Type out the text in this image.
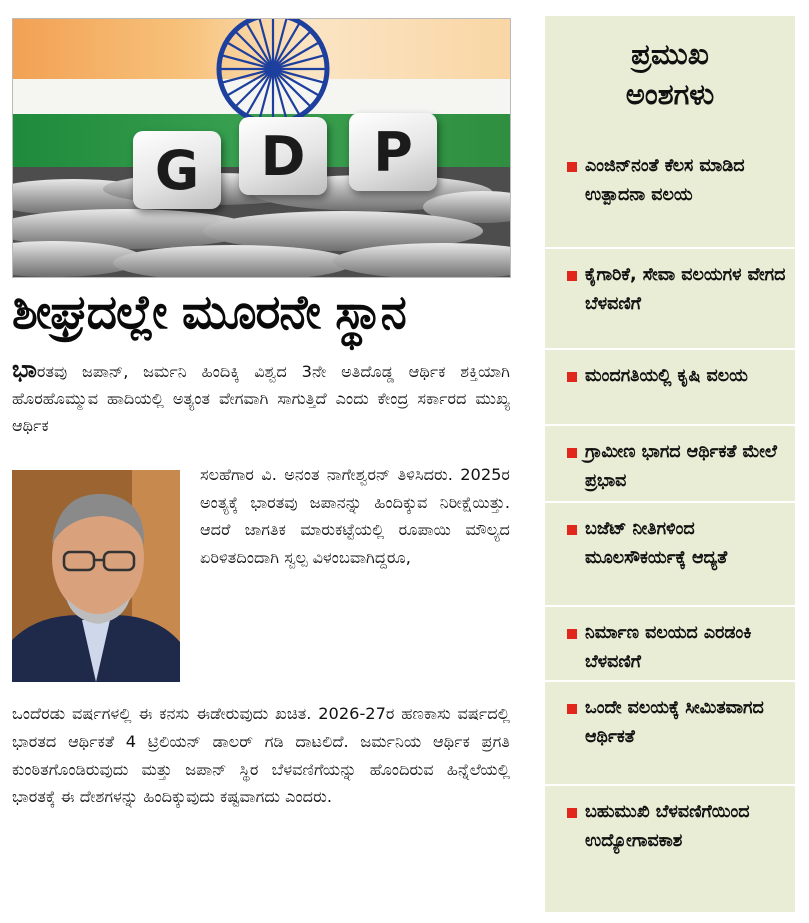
G	D	P
ಶೀಘ್ರದಲ್ಲೇ ಮೂರನೇ ಸ್ಥಾನ

ಭಾರತವು ಜಪಾನ್, ಜರ್ಮನಿ ಹಿಂದಿಕ್ಕಿ ವಿಶ್ವದ 3ನೇ ಅತಿದೊಡ್ಡ ಆರ್ಥಿಕ ಶಕ್ತಿಯಾಗಿ ಹೊರಹೊಮ್ಮುವ ಹಾದಿಯಲ್ಲಿ ಅತ್ಯಂತ ವೇಗವಾಗಿ ಸಾಗುತ್ತಿದೆ ಎಂದು ಕೇಂದ್ರ ಸರ್ಕಾರದ ಮುಖ್ಯ ಆರ್ಥಿಕ

ಸಲಹೆಗಾರ ವಿ. ಅನಂತ ನಾಗೇಶ್ವರನ್ ತಿಳಿಸಿದರು. 2025ರ ಅಂತ್ಯಕ್ಕೆ ಭಾರತವು ಜಪಾನನ್ನು ಹಿಂದಿಕ್ಕುವ ನಿರೀಕ್ಷೆಯಿತ್ತು. ಆದರೆ ಜಾಗತಿಕ ಮಾರುಕಟ್ಟೆಯಲ್ಲಿ ರೂಪಾಯಿ ಮೌಲ್ಯದ ಏರಿಳಿತದಿಂದಾಗಿ ಸ್ವಲ್ಪ ವಿಳಂಬವಾಗಿದ್ದರೂ,

ಒಂದೆರಡು ವರ್ಷಗಳಲ್ಲಿ ಈ ಕನಸು ಈಡೇರುವುದು ಖಚಿತ. 2026-27ರ ಹಣಕಾಸು ವರ್ಷದಲ್ಲಿ ಭಾರತದ ಆರ್ಥಿಕತೆ 4 ಟ್ರಿಲಿಯನ್ ಡಾಲರ್ ಗಡಿ ದಾಟಲಿದೆ. ಜರ್ಮನಿಯ ಆರ್ಥಿಕ ಪ್ರಗತಿ ಕುಂಠಿತಗೊಂಡಿರುವುದು ಮತ್ತು ಜಪಾನ್ ಸ್ಥಿರ ಬೆಳವಣಿಗೆಯನ್ನು ಹೊಂದಿರುವ ಹಿನ್ನೆಲೆಯಲ್ಲಿ ಭಾರತಕ್ಕೆ ಈ ದೇಶಗಳನ್ನು ಹಿಂದಿಕ್ಕುವುದು ಕಷ್ಟವಾಗದು ಎಂದರು.

ಪ್ರಮುಖ
ಅಂಶಗಳು
ಎಂಜಿನ್‌ನಂತೆ ಕೆಲಸ ಮಾಡಿದ ಉತ್ಪಾದನಾ ವಲಯ
ಕೈಗಾರಿಕೆ, ಸೇವಾ ವಲಯಗಳ ವೇಗದ ಬೆಳವಣಿಗೆ
ಮಂದಗತಿಯಲ್ಲಿ ಕೃಷಿ ವಲಯ
ಗ್ರಾಮೀಣ ಭಾಗದ ಆರ್ಥಿಕತೆ ಮೇಲೆ ಪ್ರಭಾವ
ಬಜೆಟ್ ನೀತಿಗಳಿಂದ ಮೂಲಸೌಕರ್ಯಕ್ಕೆ ಆದ್ಯತೆ
ನಿರ್ಮಾಣ ವಲಯದ ಎರಡಂಕಿ ಬೆಳವಣಿಗೆ
ಒಂದೇ ವಲಯಕ್ಕೆ ಸೀಮಿತವಾಗದ ಆರ್ಥಿಕತೆ
ಬಹುಮುಖಿ ಬೆಳವಣಿಗೆಯಿಂದ ಉದ್ಯೋಗಾವಕಾಶ
